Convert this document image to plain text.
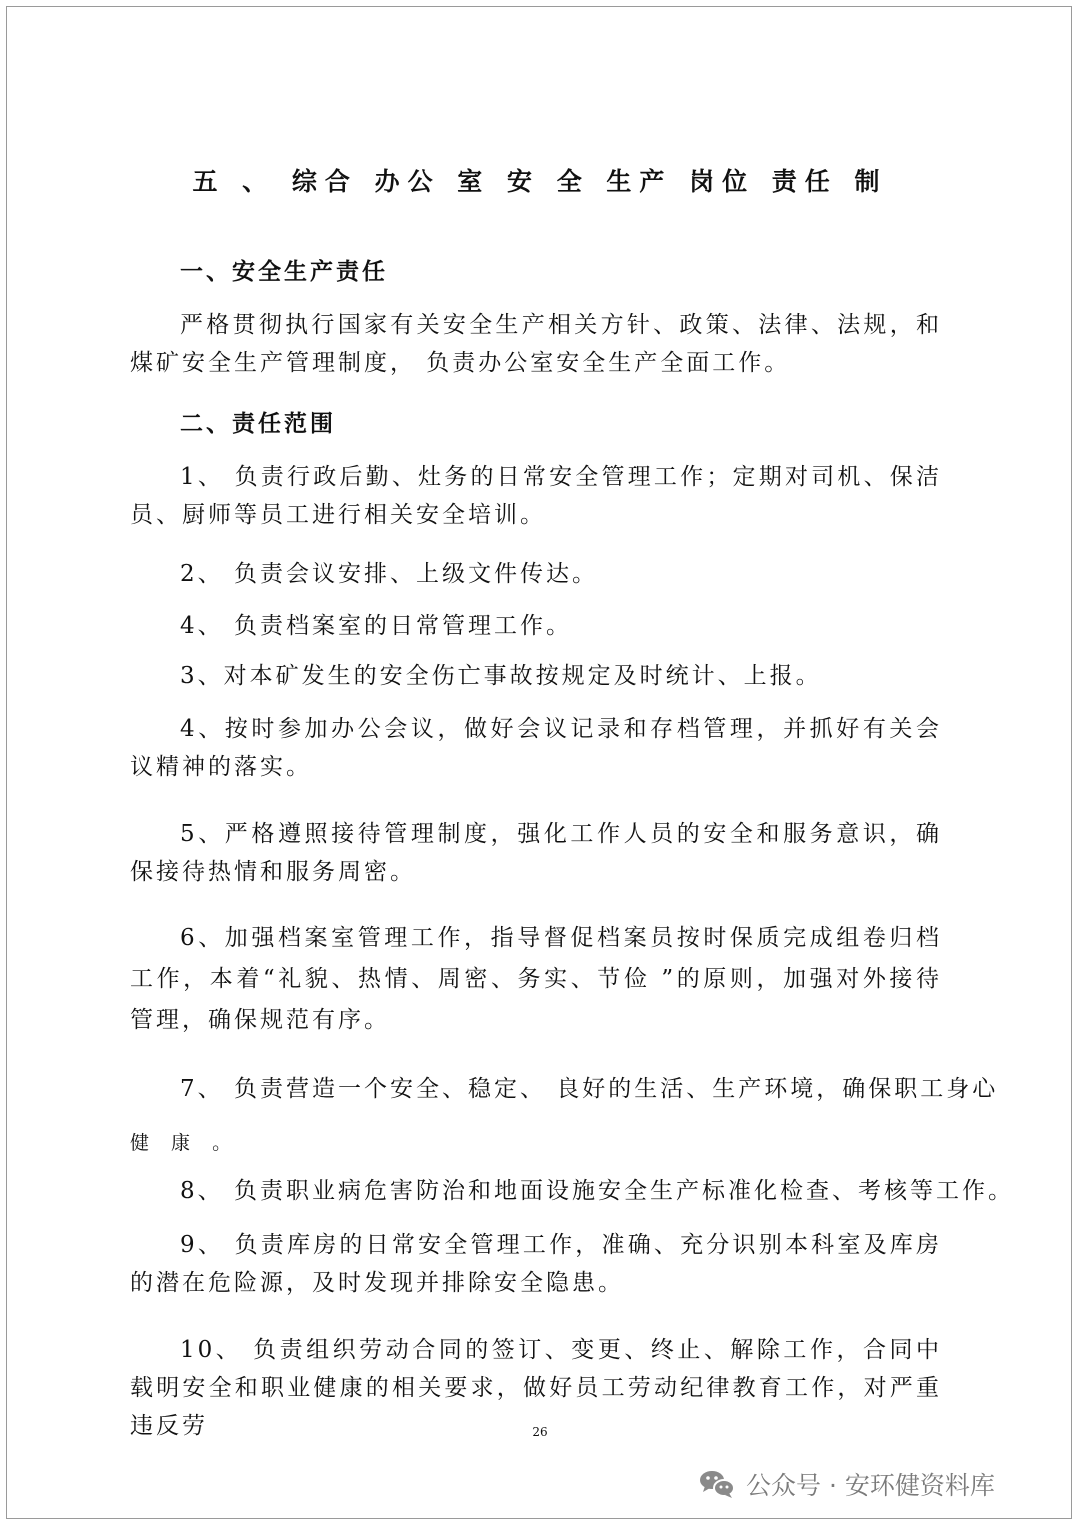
五 、 综合 办公 室 安 全 生产 岗位 责任 制
一、安全生产责任

严格贯彻执行国家有关安全生产相关方针、政策、法律、法规，和煤矿安全生产管理制度， 负责办公室安全生产全面工作。

二、责任范围

1、 负责行政后勤、灶务的日常安全管理工作；定期对司机、保洁员、厨师等员工进行相关安全培训。

2、 负责会议安排、上级文件传达。
4、 负责档案室的日常管理工作。
3、对本矿发生的安全伤亡事故按规定及时统计、上报。

4、按时参加办公会议，做好会议记录和存档管理，并抓好有关会议精神的落实。

5、严格遵照接待管理制度，强化工作人员的安全和服务意识，确保接待热情和服务周密。

6、加强档案室管理工作，指导督促档案员按时保质完成组卷归档工作，本着“礼貌、热情、周密、务实、节俭 ”的原则，加强对外接待管理，确保规范有序。

7、 负责营造一个安全、稳定、 良好的生活、生产环境，确保职工身心
健 康 。
8、 负责职业病危害防治和地面设施安全生产标准化检查、考核等工作。

9、 负责库房的日常安全管理工作，准确、充分识别本科室及库房的潜在危险源，及时发现并排除安全隐患。

10、 负责组织劳动合同的签订、变更、终止、解除工作，合同中载明安全和职业健康的相关要求，做好员工劳动纪律教育工作，对严重违反劳	26
公众号 · 安环健资料库
